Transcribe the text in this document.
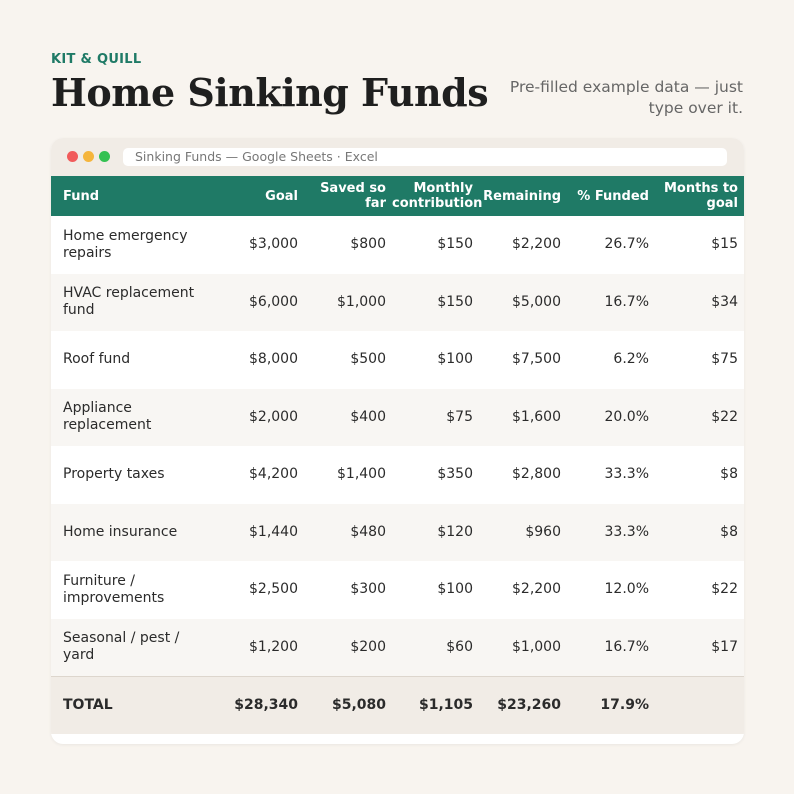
KIT & QUILL
Home Sinking Funds	Pre-filled example data — just type over it.
Sinking Funds — Google Sheets · Excel
Fund	Goal	Saved so far	Monthly contribution	Remaining	% Funded	Months to goal
Home emergency repairs	$3,000	$800	$150	$2,200	26.7%	$15
HVAC replacement fund	$6,000	$1,000	$150	$5,000	16.7%	$34
Roof fund	$8,000	$500	$100	$7,500	6.2%	$75
Appliance replacement	$2,000	$400	$75	$1,600	20.0%	$22
Property taxes	$4,200	$1,400	$350	$2,800	33.3%	$8
Home insurance	$1,440	$480	$120	$960	33.3%	$8
Furniture / improvements	$2,500	$300	$100	$2,200	12.0%	$22
Seasonal / pest / yard	$1,200	$200	$60	$1,000	16.7%	$17
TOTAL	$28,340	$5,080	$1,105	$23,260	17.9%	
